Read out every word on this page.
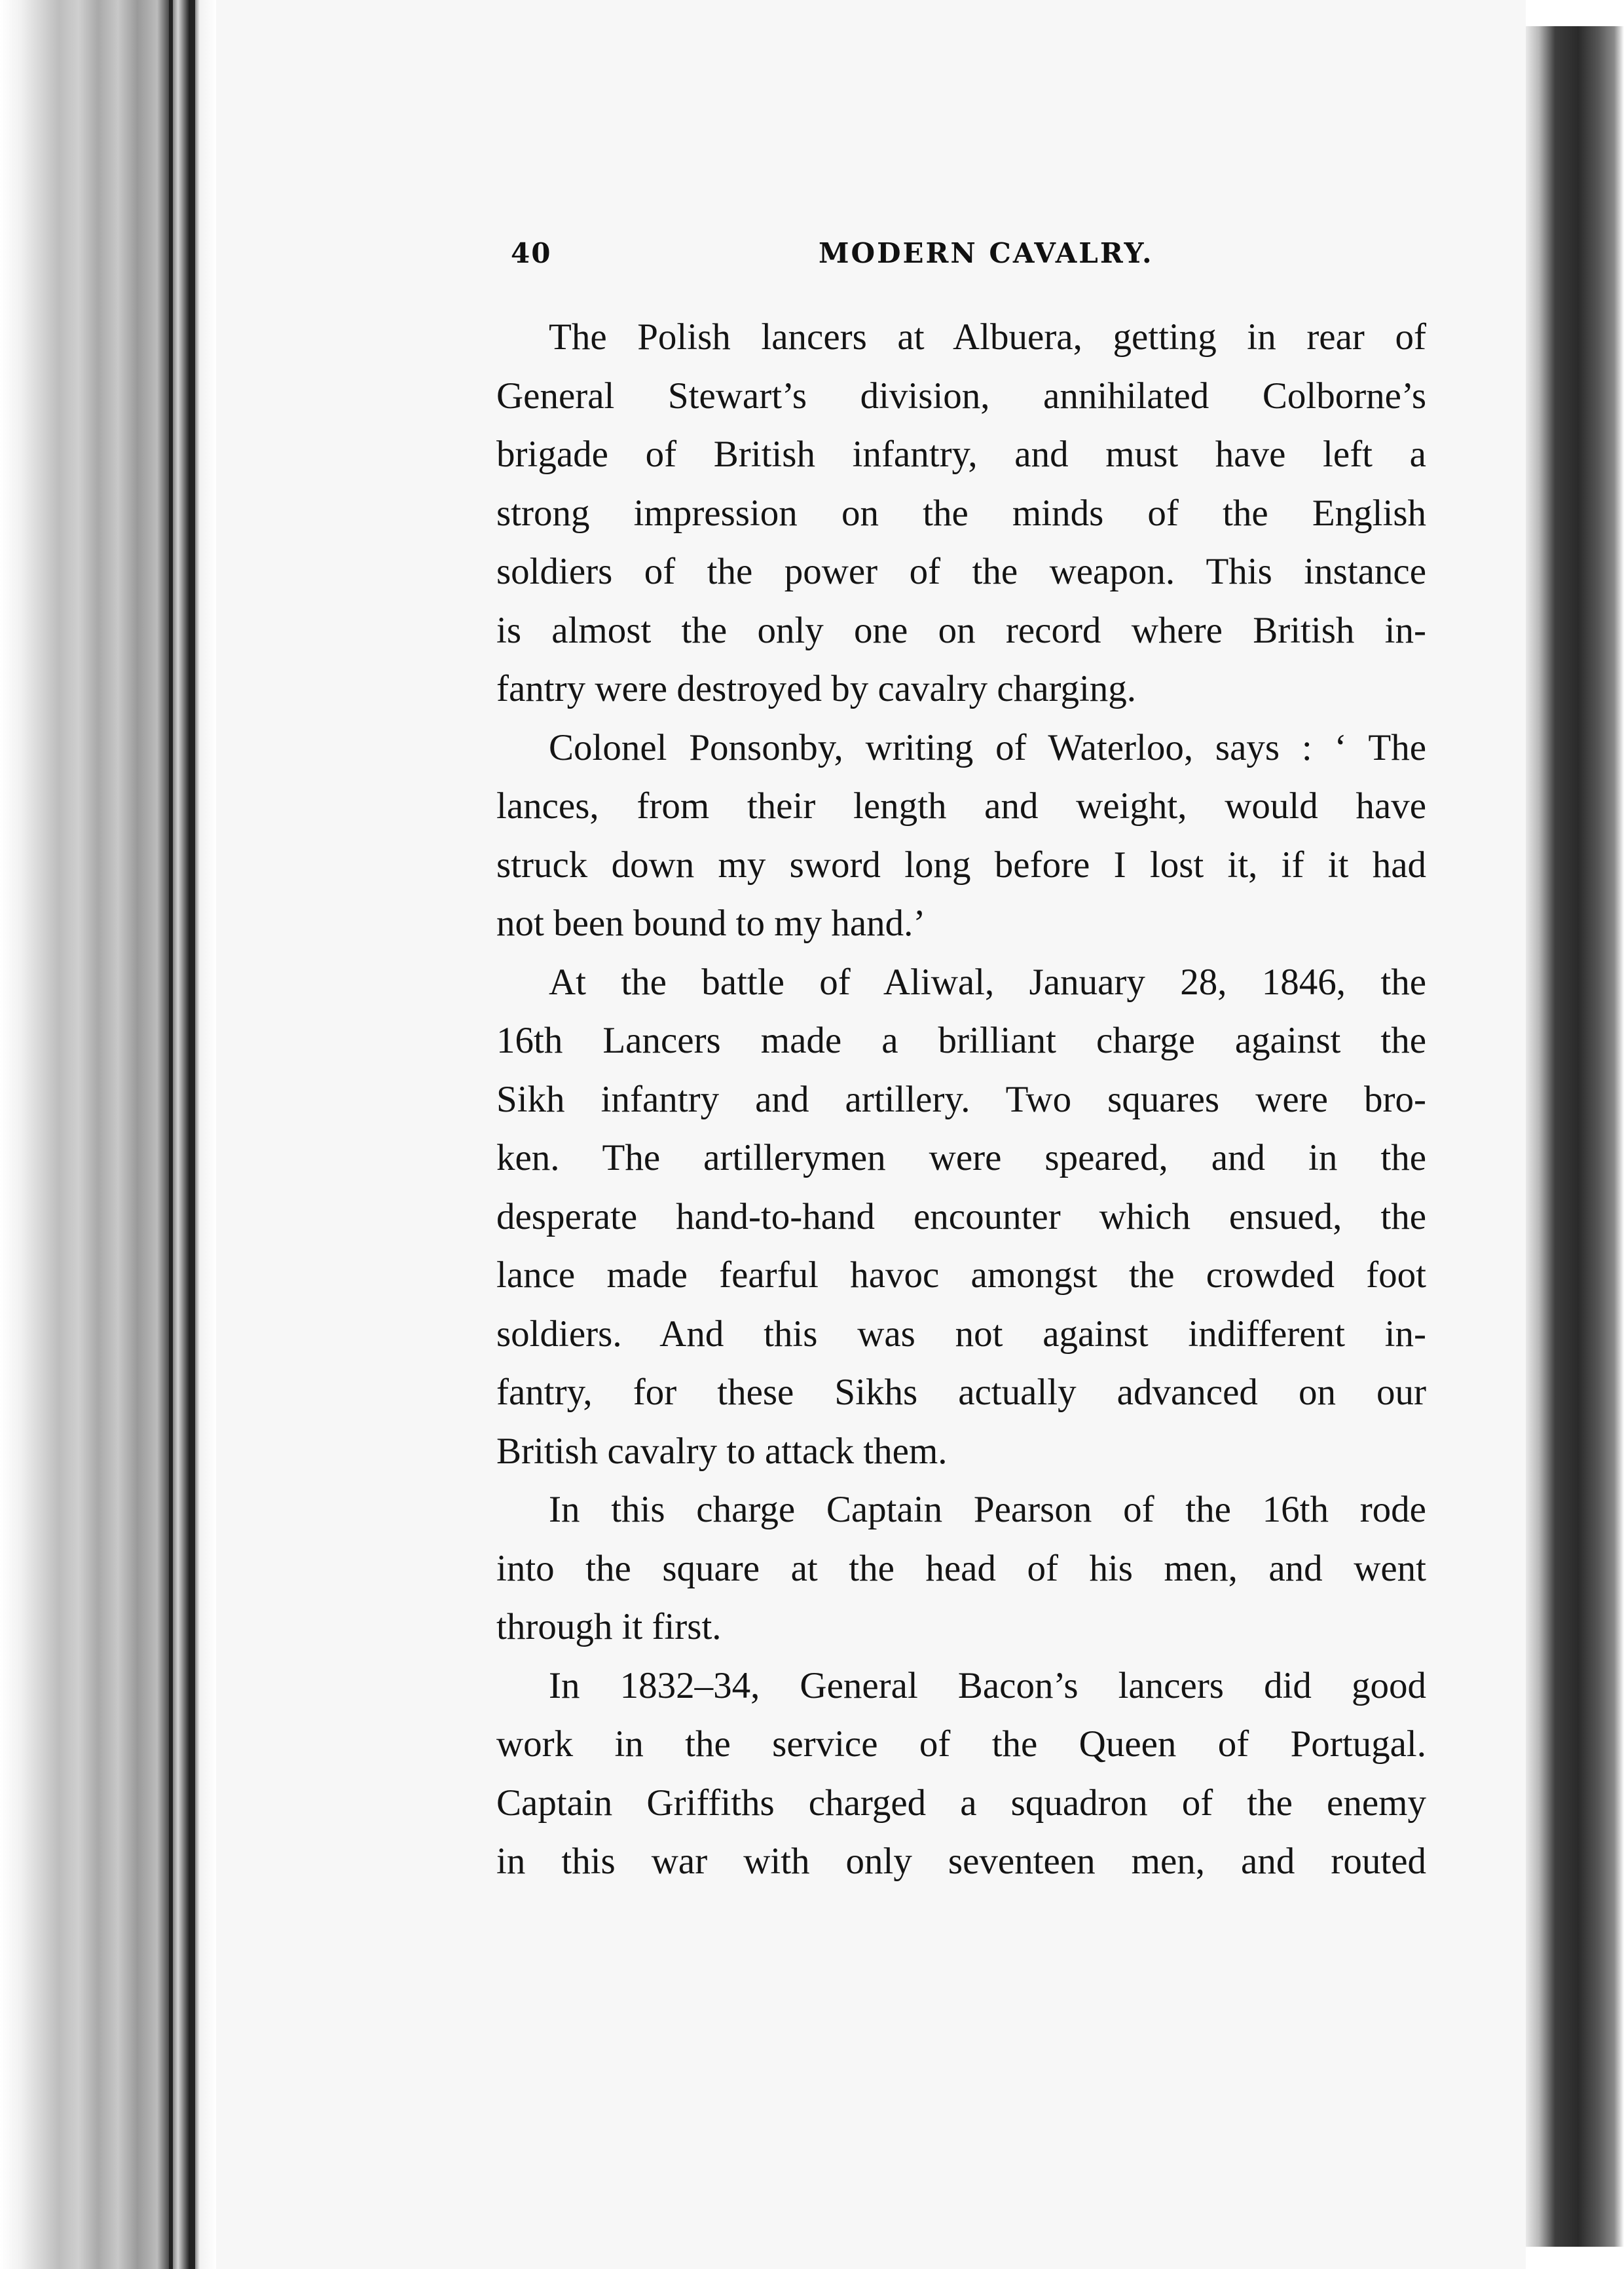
40	MODERN CAVALRY.
The Polish lancers at Albuera, getting in rear of
General Stewart’s division, annihilated Colborne’s
brigade of British infantry, and must have left a
strong impression on the minds of the English
soldiers of the power of the weapon. This instance
is almost the only one on record where British in-
fantry were destroyed by cavalry charging.
Colonel Ponsonby, writing of Waterloo, says : ‘ The
lances, from their length and weight, would have
struck down my sword long before I lost it, if it had
not been bound to my hand.’
At the battle of Aliwal, January 28, 1846, the
16th Lancers made a brilliant charge against the
Sikh infantry and artillery. Two squares were bro-
ken. The artillerymen were speared, and in the
desperate hand-to-hand encounter which ensued, the
lance made fearful havoc amongst the crowded foot
soldiers. And this was not against indifferent in-
fantry, for these Sikhs actually advanced on our
British cavalry to attack them.
In this charge Captain Pearson of the 16th rode
into the square at the head of his men, and went
through it first.
In 1832–34, General Bacon’s lancers did good
work in the service of the Queen of Portugal.
Captain Griffiths charged a squadron of the enemy
in this war with only seventeen men, and routed
